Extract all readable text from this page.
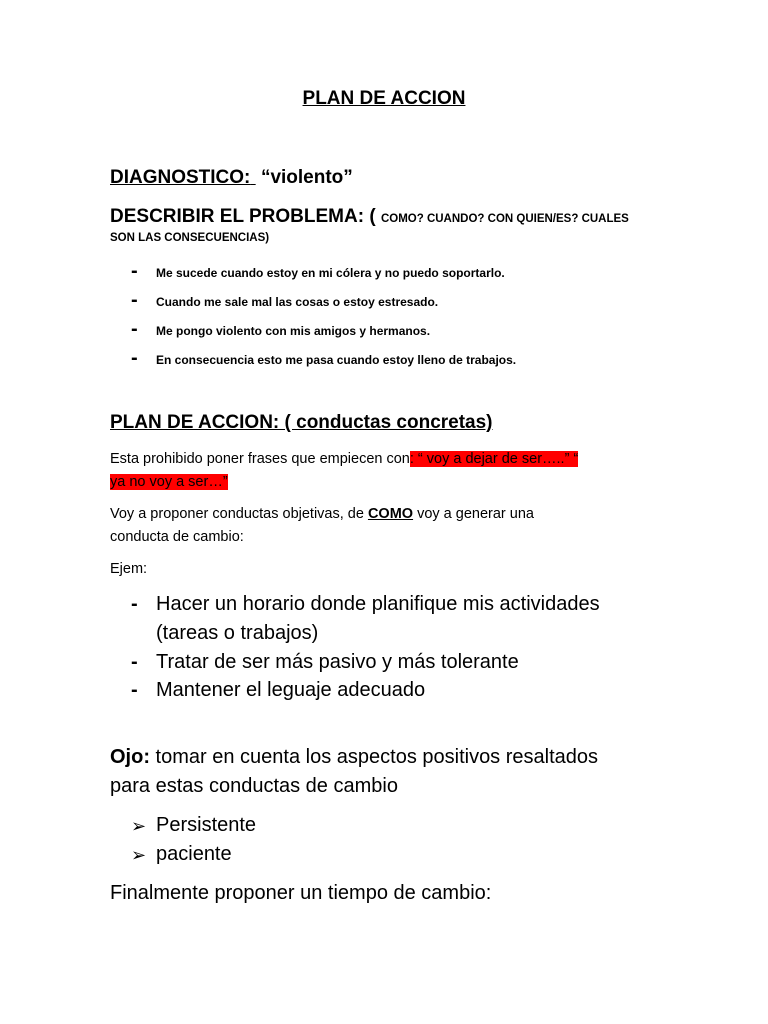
PLAN DE ACCION
DIAGNOSTICO: “violento”
DESCRIBIR EL PROBLEMA: ( COMO? CUANDO? CON QUIEN/ES? CUALES
SON LAS CONSECUENCIAS)
- Me sucede cuando estoy en mi cólera y no puedo soportarlo.
- Cuando me sale mal las cosas o estoy estresado.
- Me pongo violento con mis amigos y hermanos.
- En consecuencia esto me pasa cuando estoy lleno de trabajos.
PLAN DE ACCION: ( conductas concretas)
Esta prohibido poner frases que empiecen con: “ voy a dejar de ser…..” “
ya no voy a ser…”
Voy a proponer conductas objetivas, de COMO voy a generar una
conducta de cambio:
Ejem:
- Hacer un horario donde planifique mis actividades
(tareas o trabajos)
- Tratar de ser más pasivo y más tolerante
- Mantener el leguaje adecuado
Ojo: tomar en cuenta los aspectos positivos resaltados
para estas conductas de cambio
➢ Persistente
➢ paciente
Finalmente proponer un tiempo de cambio:
